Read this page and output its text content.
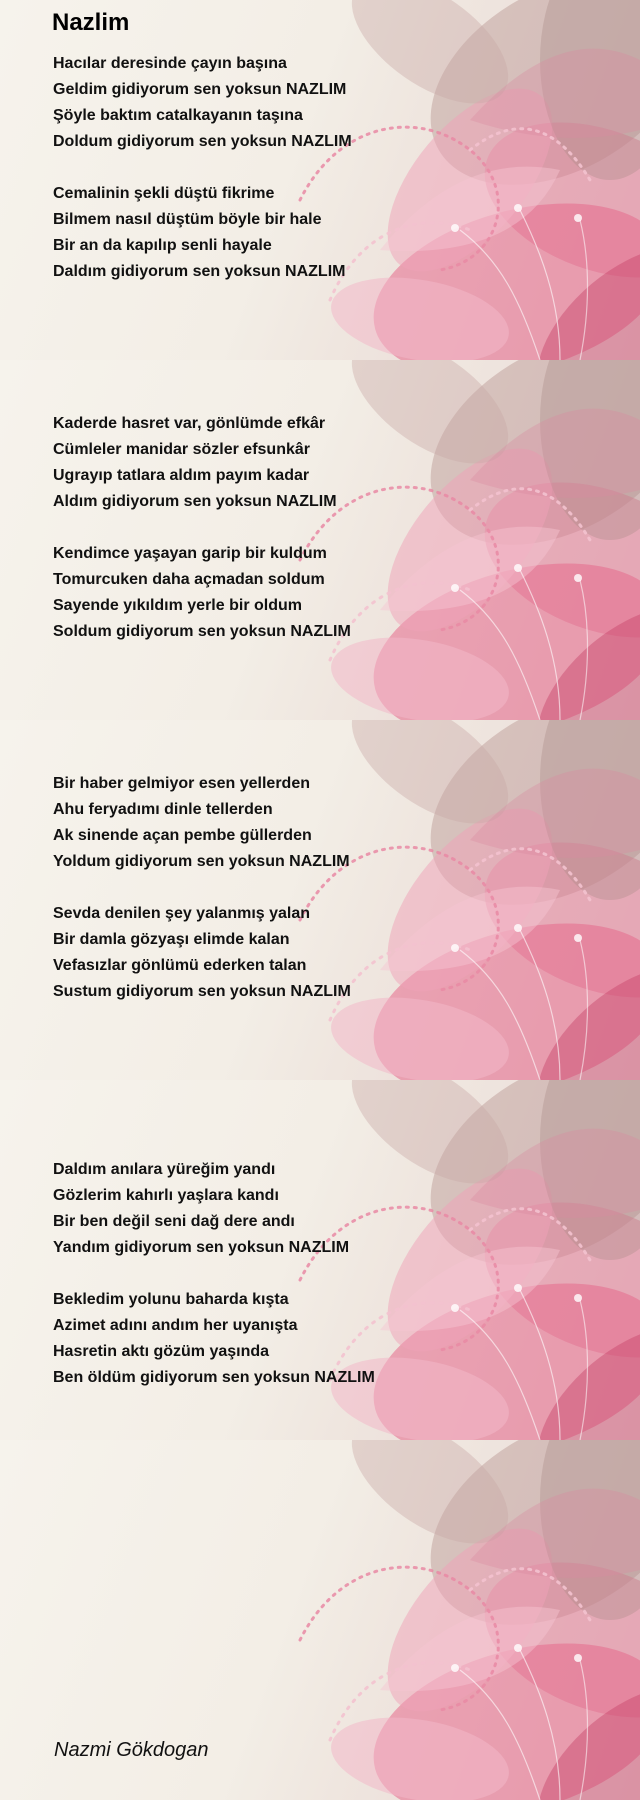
Nazlim

Hacılar deresinde çayın başına
Geldim gidiyorum sen yoksun NAZLIM
Şöyle baktım catalkayanın taşına
Doldum gidiyorum sen yoksun NAZLIM

Cemalinin şekli düştü fikrime
Bilmem nasıl düştüm böyle bir hale
Bir an da kapılıp senli hayale
Daldım gidiyorum sen yoksun NAZLIM

Kaderde hasret var, gönlümde efkâr
Cümleler manidar sözler efsunkâr
Ugrayıp tatlara aldım payım kadar
Aldım gidiyorum sen yoksun NAZLIM

Kendimce yaşayan garip bir kuldum
Tomurcuken daha açmadan soldum
Sayende yıkıldım yerle bir oldum
Soldum gidiyorum sen yoksun NAZLIM

Bir haber gelmiyor esen yellerden
Ahu feryadımı dinle tellerden
Ak sinende açan pembe güllerden
Yoldum gidiyorum sen yoksun NAZLIM

Sevda denilen şey yalanmış yalan
Bir damla gözyaşı elimde kalan
Vefasızlar gönlümü ederken talan
Sustum gidiyorum sen yoksun NAZLIM

Daldım anılara yüreğim yandı
Gözlerim kahırlı yaşlara kandı
Bir ben değil seni dağ dere andı
Yandım gidiyorum sen yoksun NAZLIM

Bekledim yolunu baharda kışta
Azimet adını andım her uyanışta
Hasretin aktı gözüm yaşında
Ben öldüm gidiyorum sen yoksun NAZLIM

Nazmi Gökdogan
